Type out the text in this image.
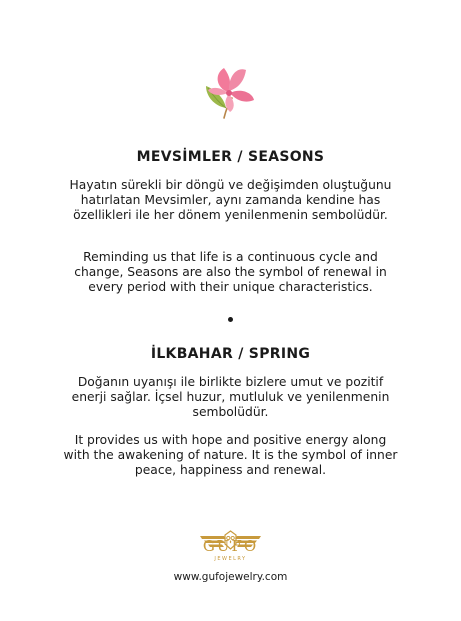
MEVSİMLER / SEASONS
Hayatın sürekli bir döngü ve değişimden oluştuğunu hatırlatan Mevsimler, aynı zamanda kendine has özellikleri ile her dönem yenilenmenin sembolüdür.
Reminding us that life is a continuous cycle and change, Seasons are also the symbol of renewal in every period with their unique characteristics.
İLKBAHAR / SPRING
Doğanın uyanışı ile birlikte bizlere umut ve pozitif enerji sağlar. İçsel huzur, mutluluk ve yenilenmenin sembolüdür.
It provides us with hope and positive energy along with the awakening of nature. It is the symbol of inner peace, happiness and renewal.
GUFO
JEWELRY
www.gufojewelry.com
